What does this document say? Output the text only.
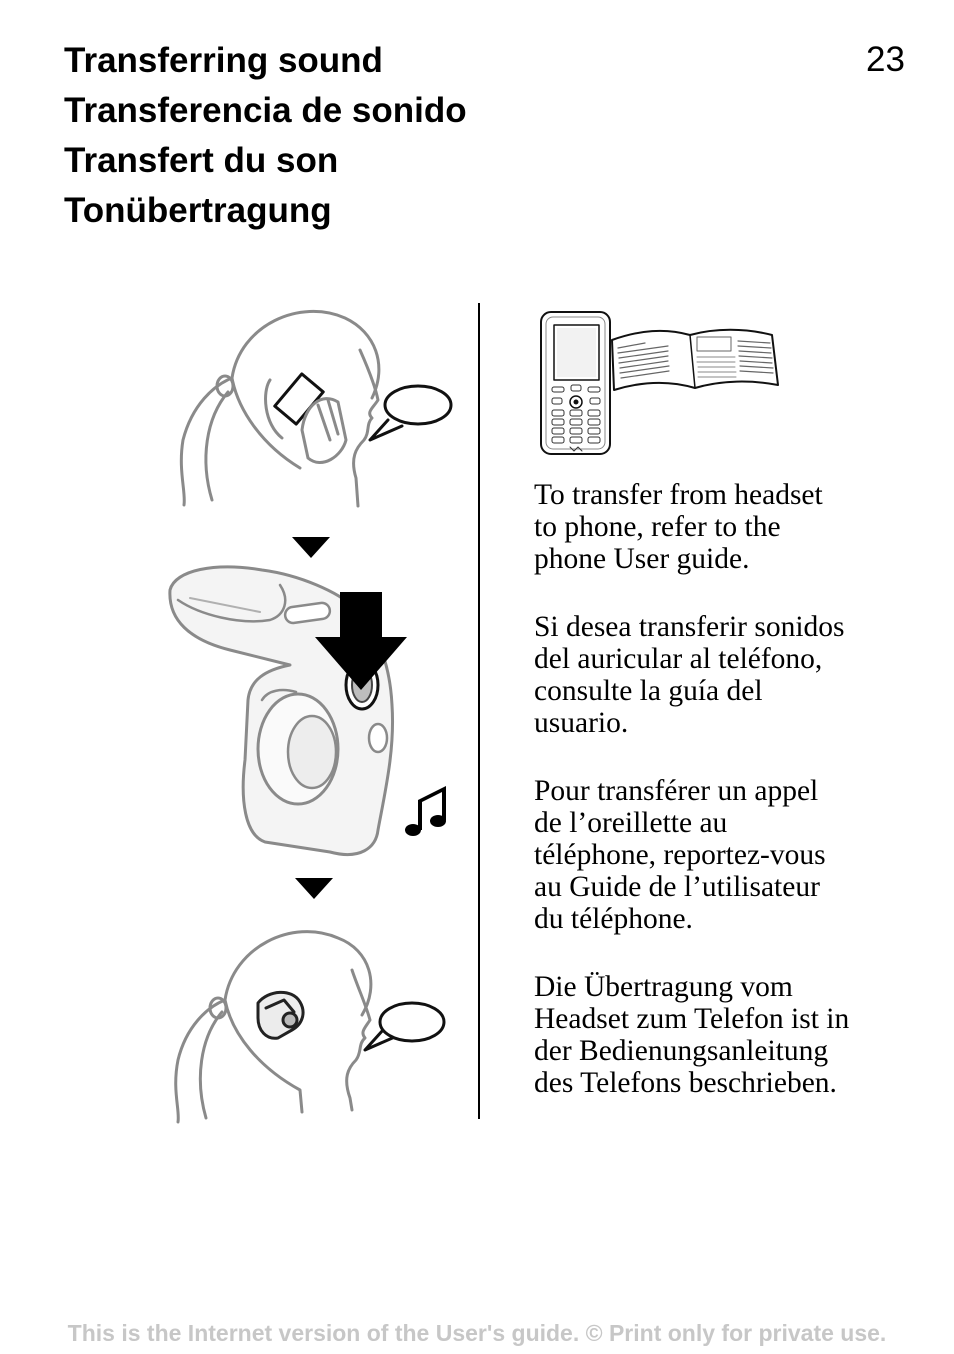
Transferring sound
Transferencia de sonido
Transfert du son
Tonübertragung
23

To transfer from headset
to phone, refer to the
phone User guide.

Si desea transferir sonidos
del auricular al teléfono,
consulte la guía del
usuario.

Pour transférer un appel
de l’oreillette au
téléphone, reportez-vous
au Guide de l’utilisateur
du téléphone.

Die Übertragung vom
Headset zum Telefon ist in
der Bedienungsanleitung
des Telefons beschrieben.

This is the Internet version of the User's guide. © Print only for private use.
